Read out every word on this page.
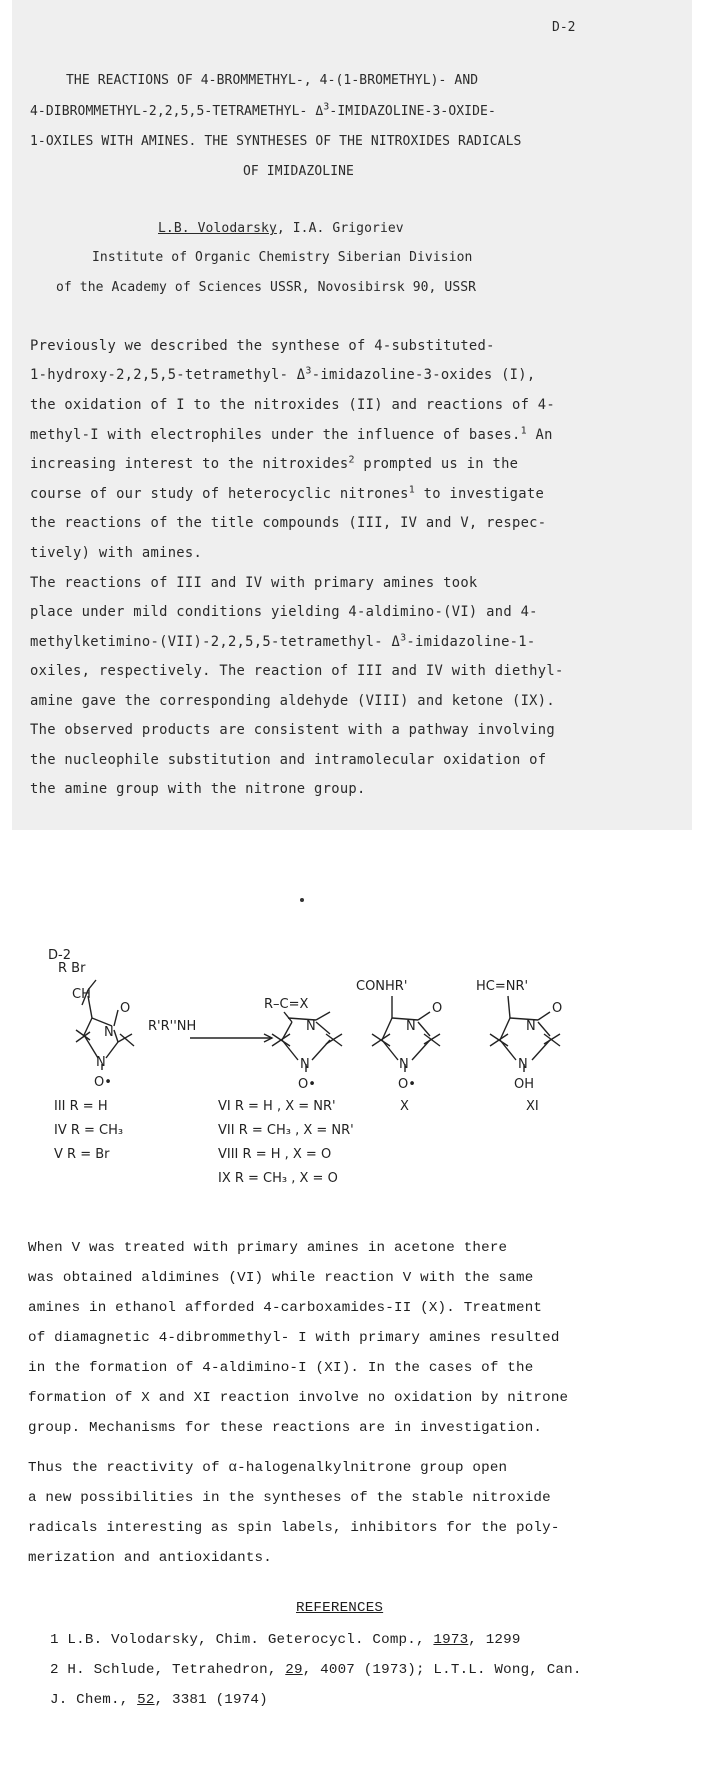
D-2
THE REACTIONS OF 4-BROMMETHYL-, 4-(1-BROMETHYL)- AND
4-DIBROMMETHYL-2,2,5,5-TETRAMETHYL- $\Delta^3-IMIDAZOLINE-3-OXIDE-$
1-OXILES WITH AMINES. THE SYNTHESES OF THE NITROXIDES RADICALS
OF IMIDAZOLINE
L.B. Volodarsky, I.A. Grigoriev
Institute of Organic Chemistry Siberian Division
of the Academy of Sciences USSR, Novosibirsk 90, USSR
Previously we described the synthese of 4-substituted-
1-hydroxy-2,2,5,5-tetramethyl- $\Delta^3-imidazoline-3$-oxides (I),
the oxidation of I to the nitroxides (II) and reactions of 4-
methyl-I with electrophiles under the influence of bases.$^1$ An
increasing interest to the nitroxides$^2$ prompted us in the
course of our study of heterocyclic nitrones$^1$ to investigate
the reactions of the title compounds (III, IV and V, respec-
tively) with amines.
The reactions of III and IV with primary amines took
place under mild conditions yielding 4-aldimino-(VI) and 4-
methylketimino-(VII)-2,2,5,5-tetramethyl- $\Delta^3-imidazoline-1-$
oxiles, respectively. The reaction of III and IV with diethyl-
amine gave the corresponding aldehyde (VIII) and ketone (IX).
The observed products are consistent with a pathway involving
the nucleophile substitution and intramolecular oxidation of
the amine group with the nitrone group.
D-2
R Br
CH
O
N
N
O•
R'R''NH
R–C=X
N
N
O•
CONHR'
O
N
N
O•
HC=NR'
O
N
N
OH
III R = H
IV R = CH₃
V R = Br
VI R = H , X = NR'
VII R = CH₃ , X = NR'
VIII R = H , X = O
IX R = CH₃ , X = O
X	XI
When V was treated with primary amines in acetone there
was obtained aldimines (VI) while reaction V with the same
amines in ethanol afforded 4-carboxamides-II (X). Treatment
of diamagnetic 4-dibrommethyl- I with primary amines resulted
in the formation of 4-aldimino-I (XI). In the cases of the
formation of X and XI reaction involve no oxidation by nitrone
group. Mechanisms for these reactions are in investigation.
Thus the reactivity of α-halogenalkylnitrone group open
a new possibilities in the syntheses of the stable nitroxide
radicals interesting as spin labels, inhibitors for the poly-
merization and antioxidants.
REFERENCES
1 L.B. Volodarsky, Chim. Geterocycl. Comp., 1973, 1299
2 H. Schlude, Tetrahedron, 29, 4007 (1973); L.T.L. Wong, Can.
J. Chem., 52, 3381 (1974)
